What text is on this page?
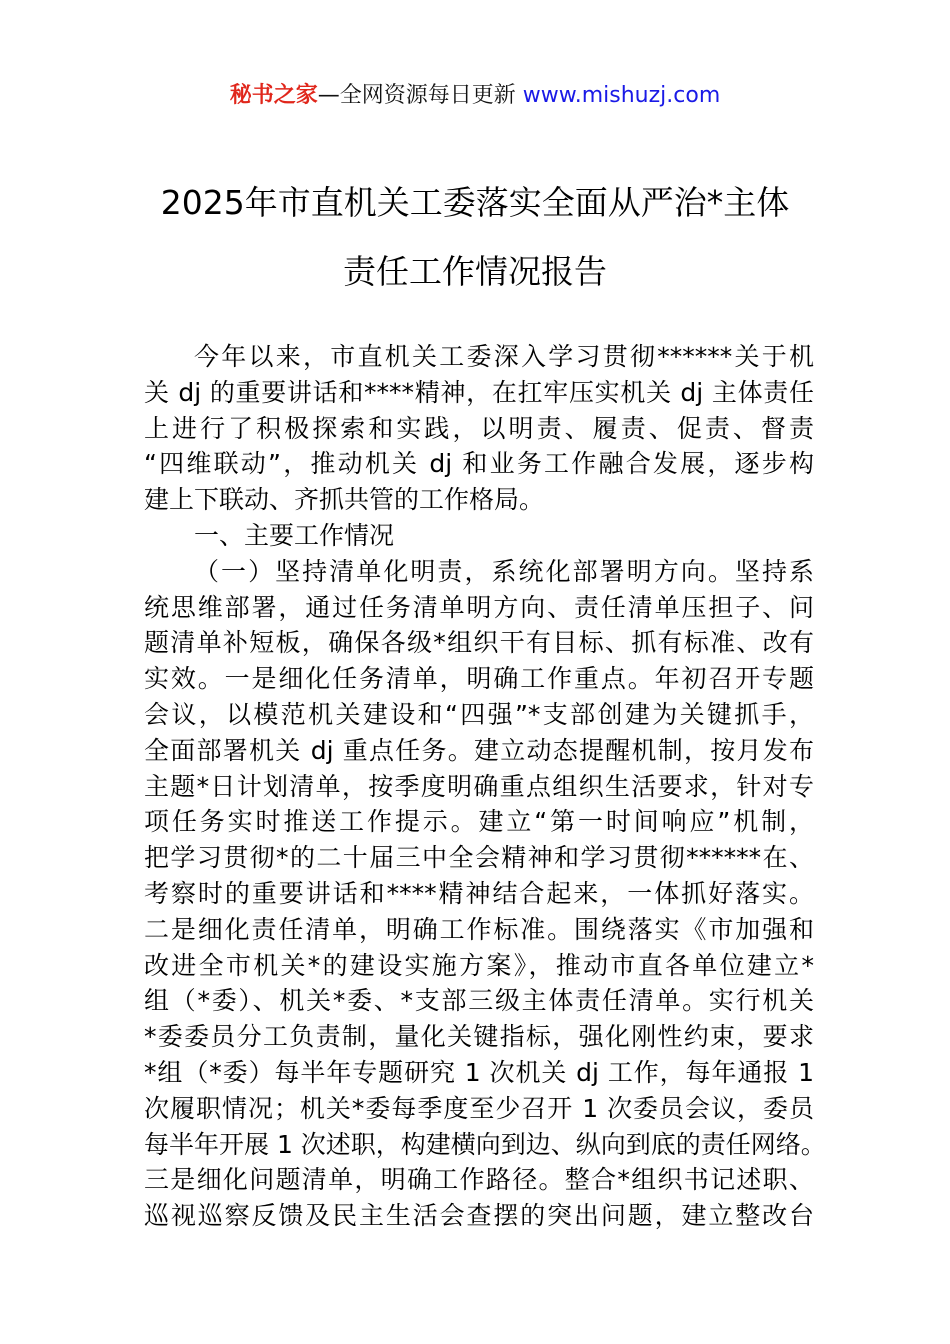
秘书之家—全网资源每日更新 www.mishuzj.com
2025年市直机关工委落实全面从严治*主体
责任工作情况报告
今年以来，市直机关工委深入学习贯彻******关于机
关 dj 的重要讲话和****精神，在扛牢压实机关 dj 主体责任
上进行了积极探索和实践，以明责、履责、促责、督责
“四维联动”，推动机关 dj 和业务工作融合发展，逐步构
建上下联动、齐抓共管的工作格局。
一、主要工作情况
（一）坚持清单化明责，系统化部署明方向。坚持系
统思维部署，通过任务清单明方向、责任清单压担子、问
题清单补短板，确保各级*组织干有目标、抓有标准、改有
实效。一是细化任务清单，明确工作重点。年初召开专题
会议，以模范机关建设和“四强”*支部创建为关键抓手，
全面部署机关 dj 重点任务。建立动态提醒机制，按月发布
主题*日计划清单，按季度明确重点组织生活要求，针对专
项任务实时推送工作提示。建立“第一时间响应”机制，
把学习贯彻*的二十届三中全会精神和学习贯彻******在、
考察时的重要讲话和****精神结合起来，一体抓好落实。
二是细化责任清单，明确工作标准。围绕落实《市加强和
改进全市机关*的建设实施方案》，推动市直各单位建立*
组（*委）、机关*委、*支部三级主体责任清单。实行机关
*委委员分工负责制，量化关键指标，强化刚性约束，要求
*组（*委）每半年专题研究 1 次机关 dj 工作，每年通报 1
次履职情况；机关*委每季度至少召开 1 次委员会议，委员
每半年开展 1 次述职，构建横向到边、纵向到底的责任网络。
三是细化问题清单，明确工作路径。整合*组织书记述职、
巡视巡察反馈及民主生活会查摆的突出问题，建立整改台
